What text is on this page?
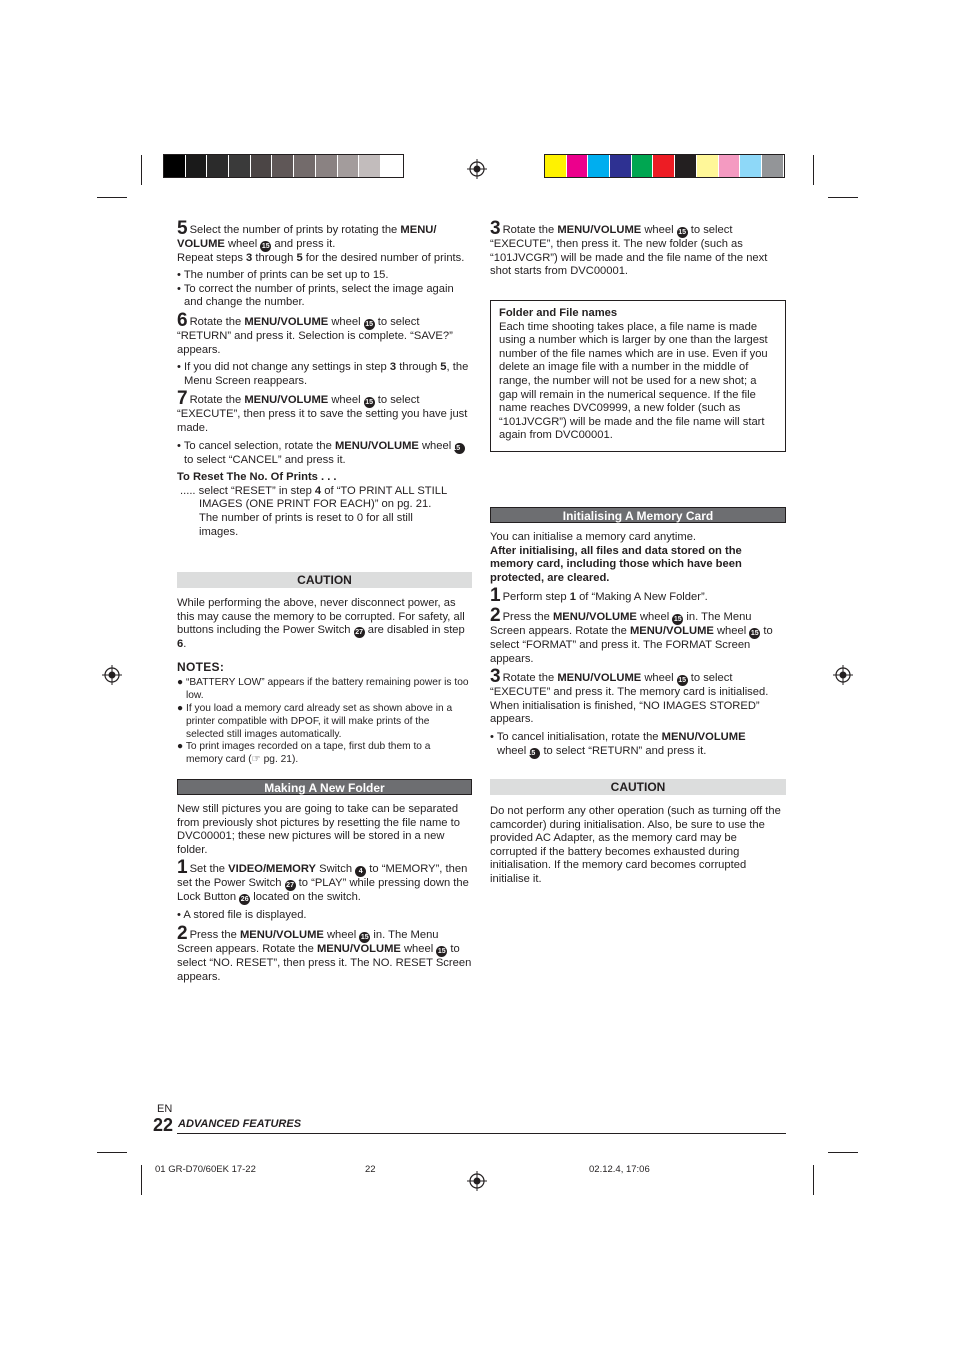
5 Select the number of prints by rotating the MENU/
VOLUME wheel 15 and press it.

Repeat steps 3 through 5 for the desired number of prints.

• The number of prints can be set up to 15.

• To correct the number of prints, select the image again and change the number.

6 Rotate the MENU/VOLUME wheel 15 to select “RETURN” and press it. Selection is complete. “SAVE?” appears.

• If you did not change any settings in step 3 through 5, the Menu Screen reappears.

7 Rotate the MENU/VOLUME wheel 15 to select “EXECUTE”, then press it to save the setting you have just made.

• To cancel selection, rotate the MENU/VOLUME wheel 15 to select “CANCEL” and press it.

To Reset The No. Of Prints . . .

..... select “RESET” in step 4 of “TO PRINT ALL STILL

IMAGES (ONE PRINT FOR EACH)” on pg. 21.

The number of prints is reset to 0 for all still

images.

CAUTION

While performing the above, never disconnect power, as this may cause the memory to be corrupted. For safety, all buttons including the Power Switch 27 are disabled in step 6.

NOTES:

● “BATTERY LOW” appears if the battery remaining power is too low.

● If you load a memory card already set as shown above in a printer compatible with DPOF, it will make prints of the selected still images automatically.

● To print images recorded on a tape, first dub them to a memory card (☞ pg. 21).

Making A New Folder

New still pictures you are going to take can be separated from previously shot pictures by resetting the file name to DVC00001; these new pictures will be stored in a new folder.

1 Set the VIDEO/MEMORY Switch 4 to “MEMORY”, then set the Power Switch 27 to “PLAY” while pressing down the Lock Button 26 located on the switch.

• A stored file is displayed.

2 Press the MENU/VOLUME wheel 15 in. The Menu Screen appears. Rotate the MENU/VOLUME wheel 15 to select “NO. RESET”, then press it. The NO. RESET Screen appears.

3 Rotate the MENU/VOLUME wheel 15 to select “EXECUTE”, then press it. The new folder (such as “101JVCGR”) will be made and the file name of the next shot starts from DVC00001.

Folder and File names

Each time shooting takes place, a file name is made using a number which is larger by one than the largest number of the file names which are in use. Even if you delete an image file with a number in the middle of range, the number will not be used for a new shot; a gap will remain in the numerical sequence. If the file name reaches DVC09999, a new folder (such as “101JVCGR”) will be made and the file name will start again from DVC00001.

Initialising A Memory Card

You can initialise a memory card anytime.

After initialising, all files and data stored on the memory card, including those which have been protected, are cleared.

1 Perform step 1 of “Making A New Folder”.

2 Press the MENU/VOLUME wheel 15 in. The Menu Screen appears. Rotate the MENU/VOLUME wheel 15 to select “FORMAT” and press it. The FORMAT Screen appears.

3 Rotate the MENU/VOLUME wheel 15 to select “EXECUTE” and press it. The memory card is initialised. When initialisation is finished, “NO IMAGES STORED” appears.

• To cancel initialisation, rotate the MENU/VOLUME
wheel 15 to select “RETURN” and press it.

CAUTION

Do not perform any other operation (such as turning off the camcorder) during initialisation. Also, be sure to use the provided AC Adapter, as the memory card may be corrupted if the battery becomes exhausted during initialisation. If the memory card becomes corrupted initialise it.

EN
22 ADVANCED FEATURES
01 GR-D70/60EK 17-22	22	02.12.4, 17:06
